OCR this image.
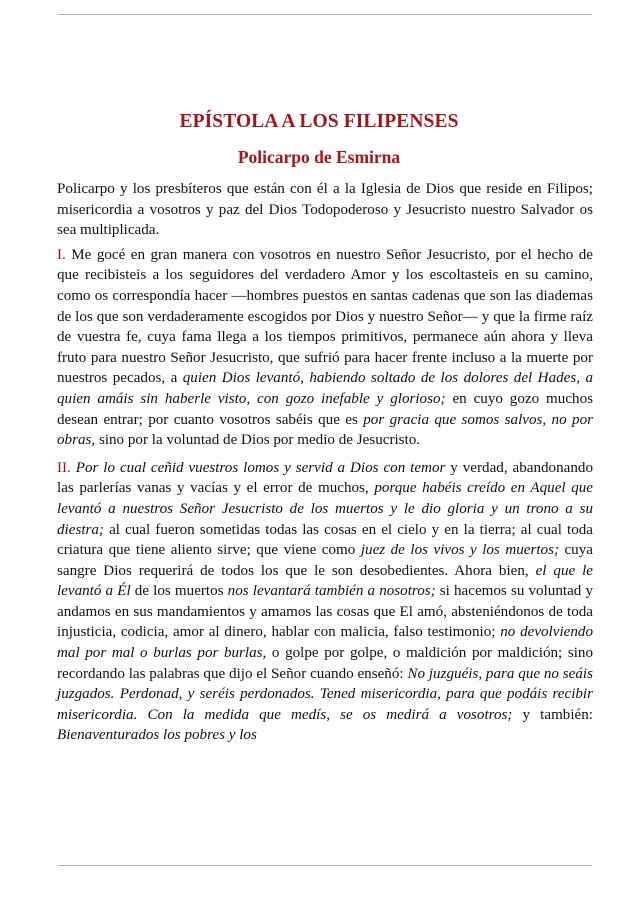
EPÍSTOLA A LOS FILIPENSES
Policarpo de Esmirna

Policarpo y los presbíteros que están con él a la Iglesia de Dios que reside en Filipos; misericordia a vosotros y paz del Dios Todopoderoso y Jesucristo nuestro Salvador os sea multiplicada.

I. Me gocé en gran manera con vosotros en nuestro Señor Jesucristo, por el hecho de que recibisteis a los seguidores del verdadero Amor y los escoltasteis en su camino, como os correspondía hacer —hombres puestos en santas cadenas que son las diademas de los que son verdaderamente escogidos por Dios y nuestro Señor— y que la firme raíz de vuestra fe, cuya fama llega a los tiempos primitivos, permanece aún ahora y lleva fruto para nuestro Señor Jesucristo, que sufrió para hacer frente incluso a la muerte por nuestros pecados, a quien Dios levantó, habiendo soltado de los dolores del Hades, a quien amáis sin haberle visto, con gozo inefable y glorioso; en cuyo gozo muchos desean entrar; por cuanto vosotros sabéis que es por gracia que somos salvos, no por obras, sino por la voluntad de Dios por medio de Jesucristo.

II. Por lo cual ceñid vuestros lomos y servid a Dios con temor y verdad, abandonando las parlerías vanas y vacías y el error de muchos, porque habéis creído en Aquel que levantó a nuestros Señor Jesucristo de los muertos y le dio gloria y un trono a su diestra; al cual fueron sometidas todas las cosas en el cielo y en la tierra; al cual toda criatura que tiene aliento sirve; que viene como juez de los vivos y los muertos; cuya sangre Dios requerirá de todos los que le son desobedientes. Ahora bien, el que le levantó a Él de los muertos nos levantará también a nosotros; si hacemos su voluntad y andamos en sus mandamientos y amamos las cosas que El amó, absteniéndonos de toda injusticia, codicia, amor al dinero, hablar con malicia, falso testimonio; no devolviendo mal por mal o burlas por burlas, o golpe por golpe, o maldición por maldición; sino recordando las palabras que dijo el Señor cuando enseñó: No juzguéis, para que no seáis juzgados. Perdonad, y seréis perdonados. Tened misericordia, para que podáis recibir misericordia. Con la medida que medís, se os medirá a vosotros; y también: Bienaventurados los pobres y los
